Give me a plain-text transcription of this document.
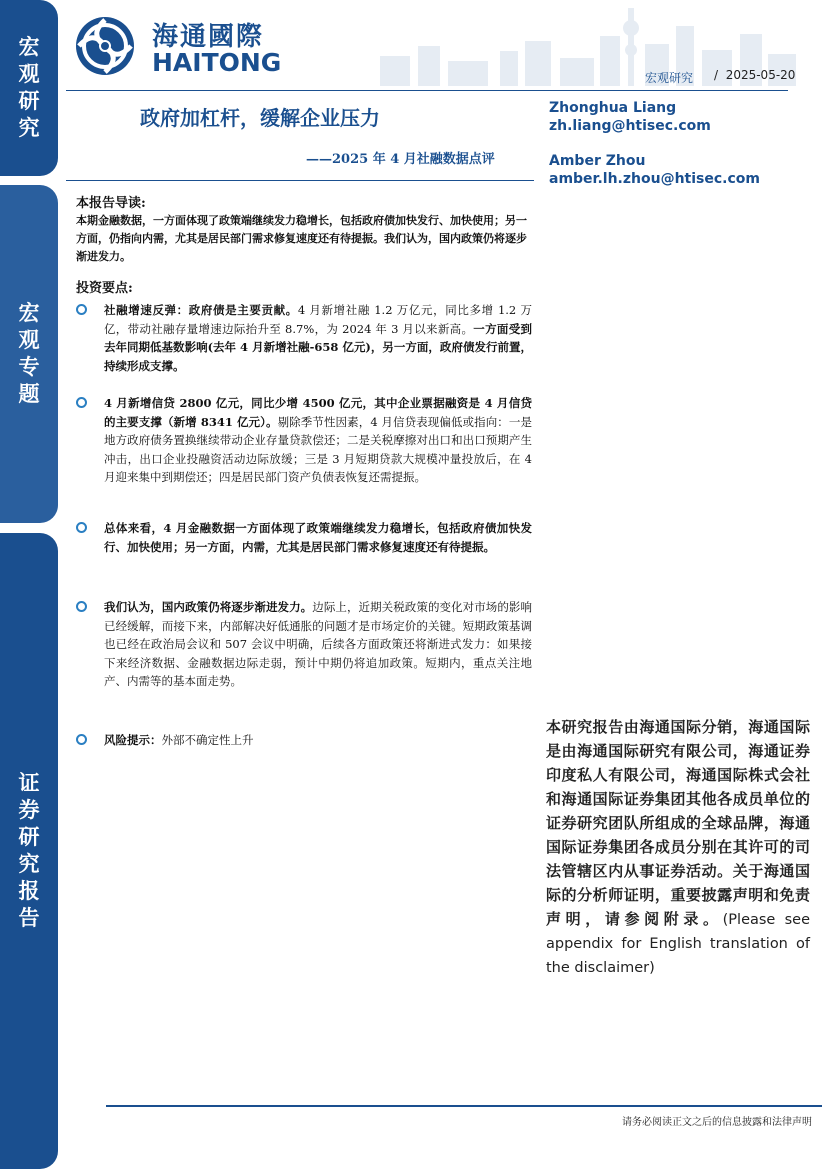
宏观研究
宏观专题
证券研究报告
海通國際
HAITONG
宏观研究 / 2025-05-20
政府加杠杆，缓解企业压力
——2025 年 4 月社融数据点评
Zhonghua Liang
zh.liang@htisec.com
Amber Zhou
amber.lh.zhou@htisec.com
本报告导读:
本期金融数据，一方面体现了政策端继续发力稳增长，包括政府债加快发行、加快使用；另一方面，仍指向内需，尤其是居民部门需求修复速度还有待提振。我们认为，国内政策仍将逐步渐进发力。
投资要点:
社融增速反弹：政府债是主要贡献。4 月新增社融 1.2 万亿元，同比多增 1.2 万亿，带动社融存量增速边际抬升至 8.7%，为 2024 年 3 月以来新高。一方面受到去年同期低基数影响(去年 4 月新增社融-658 亿元)，另一方面，政府债发行前置，持续形成支撑。
4 月新增信贷 2800 亿元，同比少增 4500 亿元，其中企业票据融资是 4 月信贷的主要支撑（新增 8341 亿元）。剔除季节性因素，4 月信贷表现偏低或指向：一是地方政府债务置换继续带动企业存量贷款偿还；二是关税摩擦对出口和出口预期产生冲击，出口企业投融资活动边际放缓；三是 3 月短期贷款大规模冲量投放后，在 4 月迎来集中到期偿还；四是居民部门资产负债表恢复还需提振。
总体来看，4 月金融数据一方面体现了政策端继续发力稳增长，包括政府债加快发行、加快使用；另一方面，内需，尤其是居民部门需求修复速度还有待提振。
我们认为，国内政策仍将逐步渐进发力。边际上，近期关税政策的变化对市场的影响已经缓解，而接下来，内部解决好低通胀的问题才是市场定价的关键。短期政策基调也已经在政治局会议和 507 会议中明确，后续各方面政策还将渐进式发力：如果接下来经济数据、金融数据边际走弱，预计中期仍将追加政策。短期内，重点关注地产、内需等的基本面走势。
风险提示：外部不确定性上升
本研究报告由海通国际分销，海通国际是由海通国际研究有限公司，海通证券印度私人有限公司，海通国际株式会社和海通国际证券集团其他各成员单位的证券研究团队所组成的全球品牌，海通国际证券集团各成员分别在其许可的司法管辖区内从事证券活动。关于海通国际的分析师证明，重要披露声明和免责声明，请参阅附录。(Please see appendix for English translation of the disclaimer)
请务必阅读正文之后的信息披露和法律声明
